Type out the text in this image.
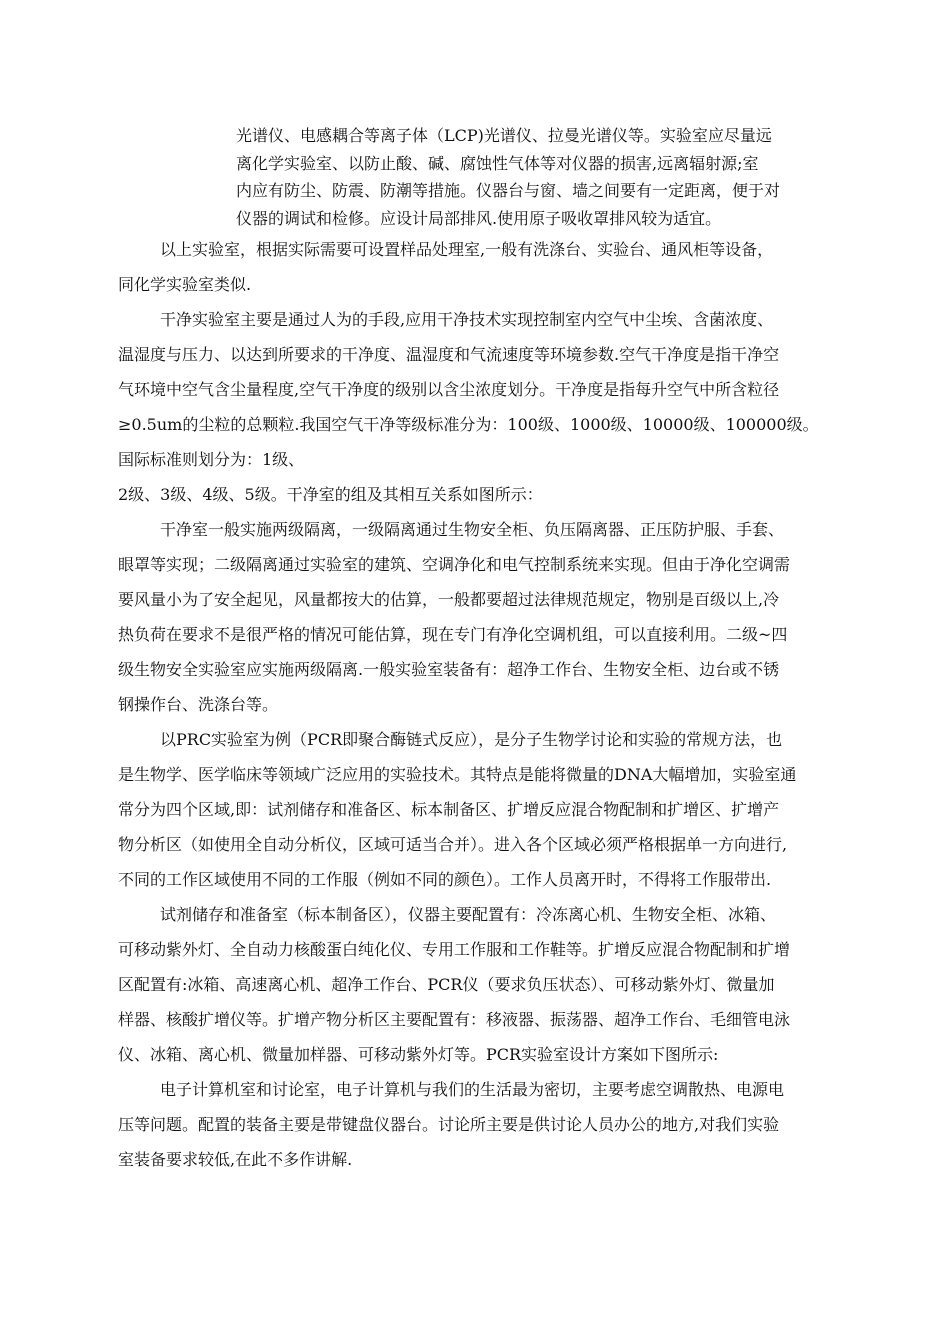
光谱仪、电感耦合等离子体（LCP)光谱仪、拉曼光谱仪等。实验室应尽量远
离化学实验室、以防止酸、碱、腐蚀性气体等对仪器的损害,远离辐射源;室
内应有防尘、防震、防潮等措施。仪器台与窗、墙之间要有一定距离，便于对
仪器的调试和检修。应设计局部排风.使用原子吸收罩排风较为适宜。
以上实验室，根据实际需要可设置样品处理室,一般有洗涤台、实验台、通风柜等设备，
同化学实验室类似.
干净实验室主要是通过人为的手段,应用干净技术实现控制室内空气中尘埃、含菌浓度、
温湿度与压力、以达到所要求的干净度、温湿度和气流速度等环境参数.空气干净度是指干净空
气环境中空气含尘量程度,空气干净度的级别以含尘浓度划分。干净度是指每升空气中所含粒径
≥0.5um的尘粒的总颗粒.我国空气干净等级标准分为：100级、1000级、10000级、100000级。
国际标准则划分为：1级、
2级、3级、4级、5级。干净室的组及其相互关系如图所示：
干净室一般实施两级隔离，一级隔离通过生物安全柜、负压隔离器、正压防护服、手套、
眼罩等实现；二级隔离通过实验室的建筑、空调净化和电气控制系统来实现。但由于净化空调需
要风量小为了安全起见，风量都按大的估算，一般都要超过法律规范规定，物别是百级以上,冷
热负荷在要求不是很严格的情况可能估算，现在专门有净化空调机组，可以直接利用。二级~四
级生物安全实验室应实施两级隔离.一般实验室装备有：超净工作台、生物安全柜、边台或不锈
钢操作台、洗涤台等。
以PRC实验室为例（PCR即聚合酶链式反应），是分子生物学讨论和实验的常规方法，也
是生物学、医学临床等领域广泛应用的实验技术。其特点是能将微量的DNA大幅增加，实验室通
常分为四个区域,即：试剂储存和准备区、标本制备区、扩增反应混合物配制和扩增区、扩增产
物分析区（如使用全自动分析仪，区域可适当合并）。进入各个区域必须严格根据单一方向进行,
不同的工作区域使用不同的工作服（例如不同的颜色）。工作人员离开时，不得将工作服带出.
试剂储存和准备室（标本制备区），仪器主要配置有：冷冻离心机、生物安全柜、冰箱、
可移动紫外灯、全自动力核酸蛋白纯化仪、专用工作服和工作鞋等。扩增反应混合物配制和扩增
区配置有:冰箱、高速离心机、超净工作台、PCR仪（要求负压状态）、可移动紫外灯、微量加
样器、核酸扩增仪等。扩增产物分析区主要配置有：移液器、振荡器、超净工作台、毛细管电泳
仪、冰箱、离心机、微量加样器、可移动紫外灯等。PCR实验室设计方案如下图所示:
电子计算机室和讨论室，电子计算机与我们的生活最为密切，主要考虑空调散热、电源电
压等问题。配置的装备主要是带键盘仪器台。讨论所主要是供讨论人员办公的地方,对我们实验
室装备要求较低,在此不多作讲解.
